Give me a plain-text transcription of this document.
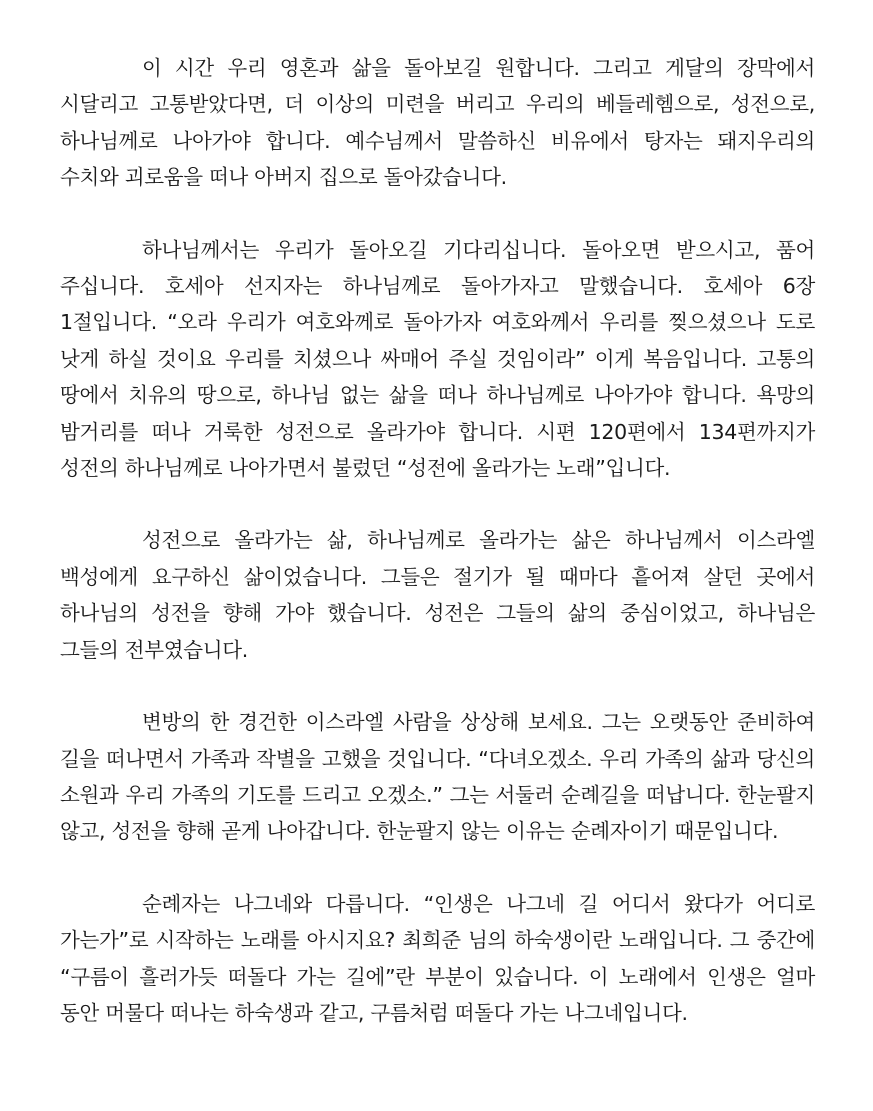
이 시간 우리 영혼과 삶을 돌아보길 원합니다. 그리고 게달의 장막에서 시달리고 고통받았다면, 더 이상의 미련을 버리고 우리의 베들레헴으로, 성전으로, 하나님께로 나아가야 합니다. 예수님께서 말씀하신 비유에서 탕자는 돼지우리의 수치와 괴로움을 떠나 아버지 집으로 돌아갔습니다.

하나님께서는 우리가 돌아오길 기다리십니다. 돌아오면 받으시고, 품어 주십니다. 호세아 선지자는 하나님께로 돌아가자고 말했습니다. 호세아 6장 1절입니다. “오라 우리가 여호와께로 돌아가자 여호와께서 우리를 찢으셨으나 도로 낫게 하실 것이요 우리를 치셨으나 싸매어 주실 것임이라” 이게 복음입니다. 고통의 땅에서 치유의 땅으로, 하나님 없는 삶을 떠나 하나님께로 나아가야 합니다. 욕망의 밤거리를 떠나 거룩한 성전으로 올라가야 합니다. 시편 120편에서 134편까지가 성전의 하나님께로 나아가면서 불렀던 “성전에 올라가는 노래”입니다.

성전으로 올라가는 삶, 하나님께로 올라가는 삶은 하나님께서 이스라엘 백성에게 요구하신 삶이었습니다. 그들은 절기가 될 때마다 흩어져 살던 곳에서 하나님의 성전을 향해 가야 했습니다. 성전은 그들의 삶의 중심이었고, 하나님은 그들의 전부였습니다.

변방의 한 경건한 이스라엘 사람을 상상해 보세요. 그는 오랫동안 준비하여 길을 떠나면서 가족과 작별을 고했을 것입니다. “다녀오겠소. 우리 가족의 삶과 당신의 소원과 우리 가족의 기도를 드리고 오겠소.” 그는 서둘러 순례길을 떠납니다. 한눈팔지 않고, 성전을 향해 곧게 나아갑니다. 한눈팔지 않는 이유는 순례자이기 때문입니다.

순례자는 나그네와 다릅니다. “인생은 나그네 길 어디서 왔다가 어디로 가는가”로 시작하는 노래를 아시지요? 최희준 님의 하숙생이란 노래입니다. 그 중간에 “구름이 흘러가듯 떠돌다 가는 길에”란 부분이 있습니다. 이 노래에서 인생은 얼마 동안 머물다 떠나는 하숙생과 같고, 구름처럼 떠돌다 가는 나그네입니다.
